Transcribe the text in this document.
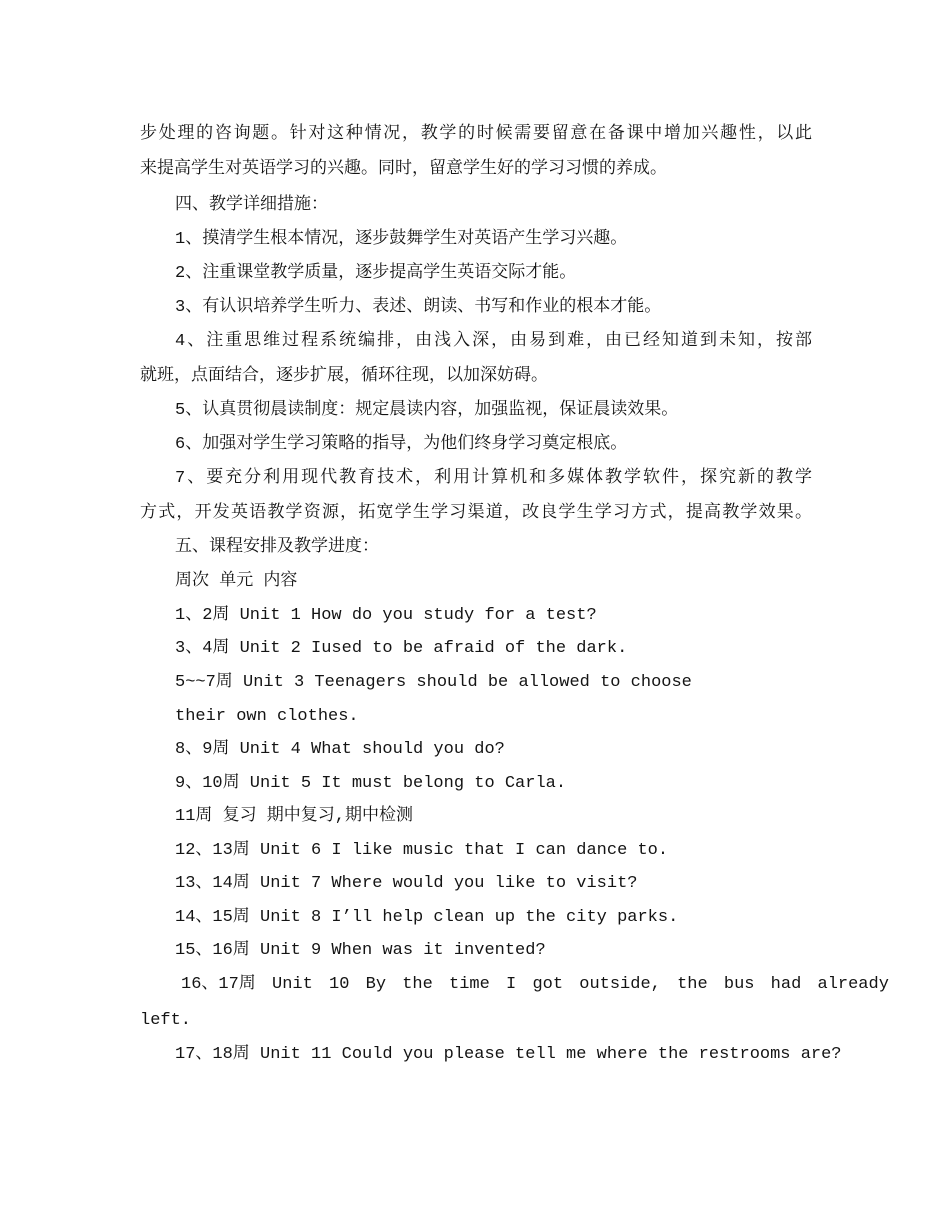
步处理的咨询题。针对这种情况，教学的时候需要留意在备课中增加兴趣性，以此
来提高学生对英语学习的兴趣。同时，留意学生好的学习习惯的养成。
四、教学详细措施：
1、摸清学生根本情况，逐步鼓舞学生对英语产生学习兴趣。
2、注重课堂教学质量，逐步提高学生英语交际才能。
3、有认识培养学生听力、表述、朗读、书写和作业的根本才能。
4、注重思维过程系统编排，由浅入深，由易到难，由已经知道到未知，按部
就班，点面结合，逐步扩展，循环往现，以加深妨碍。
5、认真贯彻晨读制度：规定晨读内容，加强监视，保证晨读效果。
6、加强对学生学习策略的指导，为他们终身学习奠定根底。
7、要充分利用现代教育技术，利用计算机和多媒体教学软件，探究新的教学
方式，开发英语教学资源，拓宽学生学习渠道，改良学生学习方式，提高教学效果。
五、课程安排及教学进度：
周次 单元 内容
1、2周 Unit 1 How do you study for a test?
3、4周 Unit 2 Iused to be afraid of the dark.
5~~7周 Unit 3 Teenagers should be allowed to choose
their own clothes.
8、9周 Unit 4 What should you do?
9、10周 Unit 5 It must belong to Carla.
11周 复习 期中复习,期中检测
12、13周 Unit 6 I like music that I can dance to.
13、14周 Unit 7 Where would you like to visit?
14、15周 Unit 8 I’ll help clean up the city parks.
15、16周 Unit 9 When was it invented?
16、17周 Unit 10 By the time I got outside, the bus had already
left.
17、18周 Unit 11 Could you please tell me where the restrooms are?
